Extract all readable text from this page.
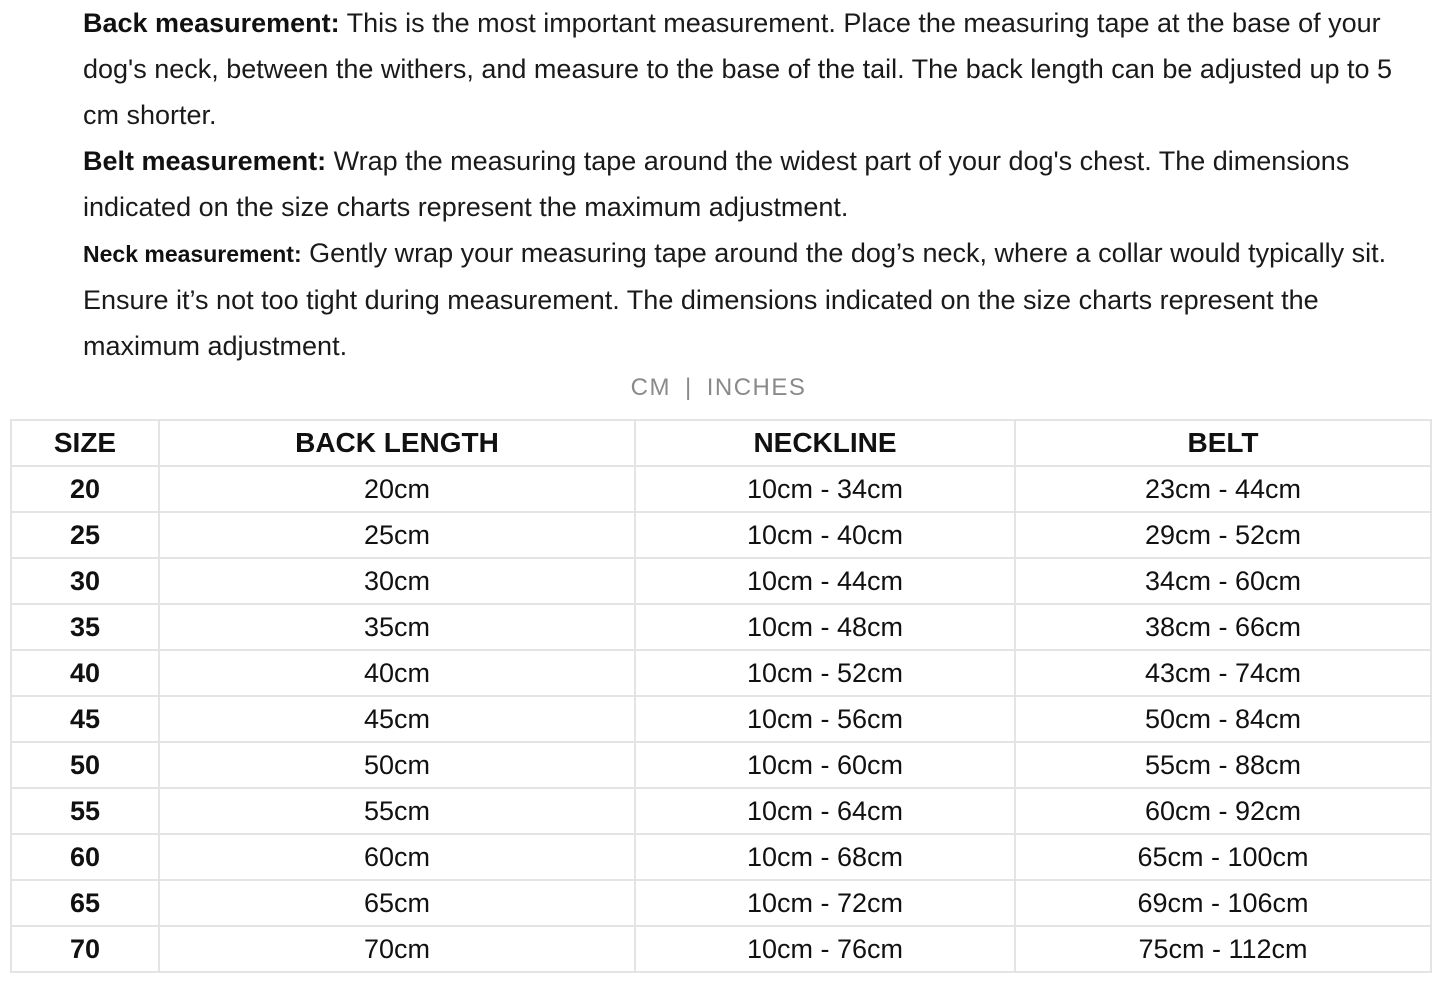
Back measurement: This is the most important measurement. Place the measuring tape at the base of your dog's neck, between the withers, and measure to the base of the tail. The back length can be adjusted up to 5 cm shorter.

Belt measurement: Wrap the measuring tape around the widest part of your dog's chest. The dimensions indicated on the size charts represent the maximum adjustment.

Neck measurement: Gently wrap your measuring tape around the dog’s neck, where a collar would typically sit. Ensure it’s not too tight during measurement. The dimensions indicated on the size charts represent the maximum adjustment.

CM | INCHES
SIZE	BACK LENGTH	NECKLINE	BELT
20	20cm	10cm - 34cm	23cm - 44cm
25	25cm	10cm - 40cm	29cm - 52cm
30	30cm	10cm - 44cm	34cm - 60cm
35	35cm	10cm - 48cm	38cm - 66cm
40	40cm	10cm - 52cm	43cm - 74cm
45	45cm	10cm - 56cm	50cm - 84cm
50	50cm	10cm - 60cm	55cm - 88cm
55	55cm	10cm - 64cm	60cm - 92cm
60	60cm	10cm - 68cm	65cm - 100cm
65	65cm	10cm - 72cm	69cm - 106cm
70	70cm	10cm - 76cm	75cm - 112cm
